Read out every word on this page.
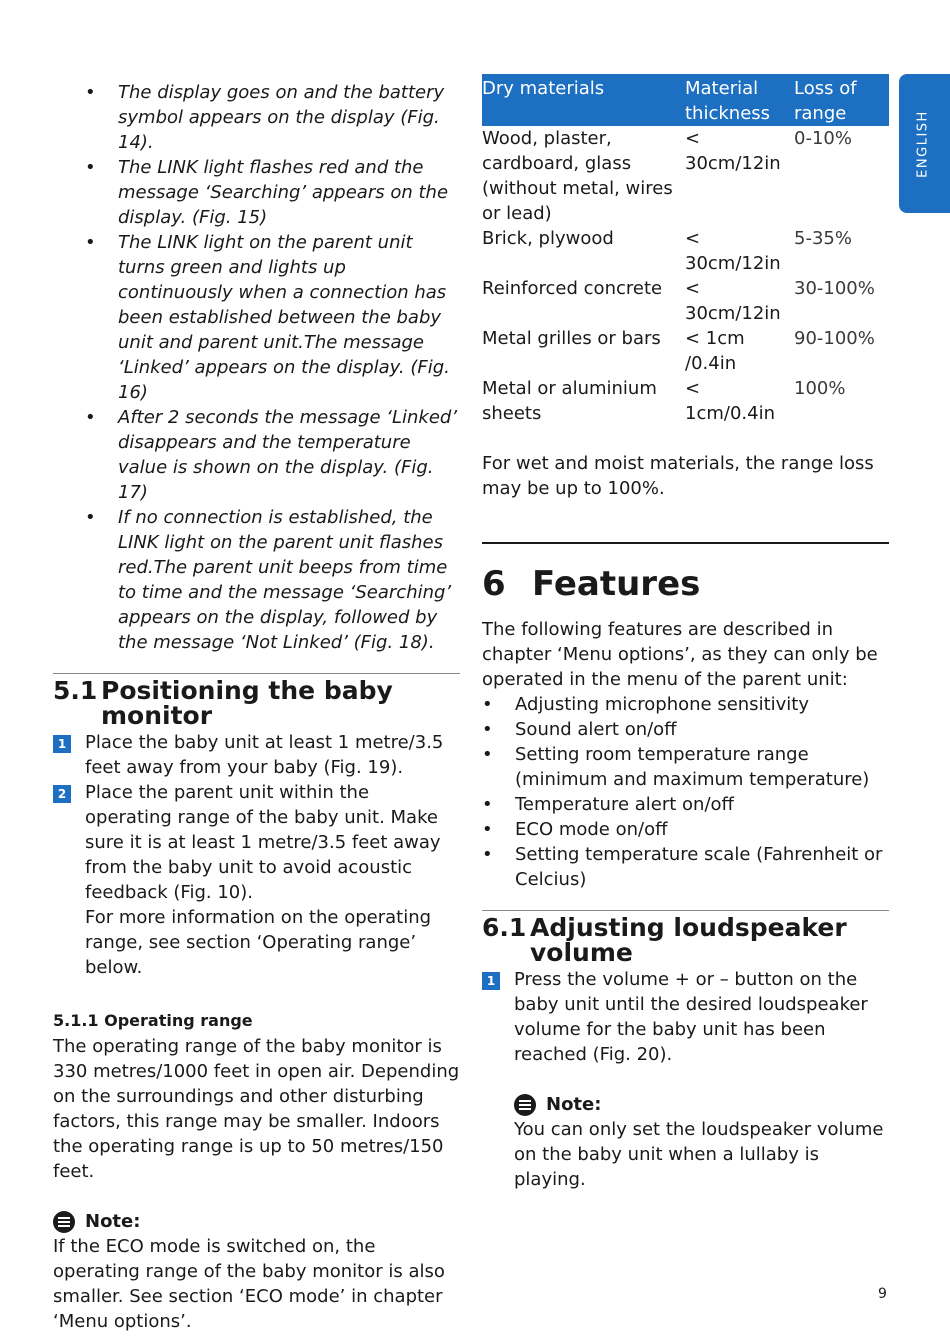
ENGLISH
• The display goes on and the battery symbol appears on the display (Fig. 14).
• The LINK light flashes red and the message ‘Searching’ appears on the display. (Fig. 15)
• The LINK light on the parent unit turns green and lights up continuously when a connection has been established between the baby unit and parent unit.The message ‘Linked’ appears on the display. (Fig. 16)
• After 2 seconds the message ‘Linked’ disappears and the temperature value is shown on the display. (Fig. 17)
• If no connection is established, the LINK light on the parent unit flashes red.The parent unit beeps from time to time and the message ‘Searching’ appears on the display, followed by the message ‘Not Linked’ (Fig. 18).
5.1 Positioning the baby
monitor
1 Place the baby unit at least 1 metre/3.5 feet away from your baby (Fig. 19).
2 Place the parent unit within the operating range of the baby unit. Make sure it is at least 1 metre/3.5 feet away from the baby unit to avoid acoustic feedback (Fig. 10).
For more information on the operating range, see section ‘Operating range’ below.
5.1.1 Operating range

The operating range of the baby monitor is 330 metres/1000 feet in open air. Depending on the surroundings and other disturbing factors, this range may be smaller. Indoors the operating range is up to 50 metres/150 feet.

Note:

If the ECO mode is switched on, the operating range of the baby monitor is also smaller. See section ‘ECO mode’ in chapter ‘Menu options’.

Dry materials	Material thickness	Loss of range
Wood, plaster, cardboard, glass (without metal, wires or lead)	< 30cm/12in	0-10%
Brick, plywood	< 30cm/12in	5-35%
Reinforced concrete	< 30cm/12in	30-100%
Metal grilles or bars	< 1cm /0.4in	90-100%
Metal or aluminium sheets	< 1cm/0.4in	100%

For wet and moist materials, the range loss may be up to 100%.

6 Features

The following features are described in chapter ‘Menu options’, as they can only be operated in the menu of the parent unit:

• Adjusting microphone sensitivity
• Sound alert on/off
• Setting room temperature range (minimum and maximum temperature)
• Temperature alert on/off
• ECO mode on/off
• Setting temperature scale (Fahrenheit or Celcius)
6.1 Adjusting loudspeaker
volume
1 Press the volume + or – button on the baby unit until the desired loudspeaker volume for the baby unit has been reached (Fig. 20).
Note:

You can only set the loudspeaker volume on the baby unit when a lullaby is playing.

9
